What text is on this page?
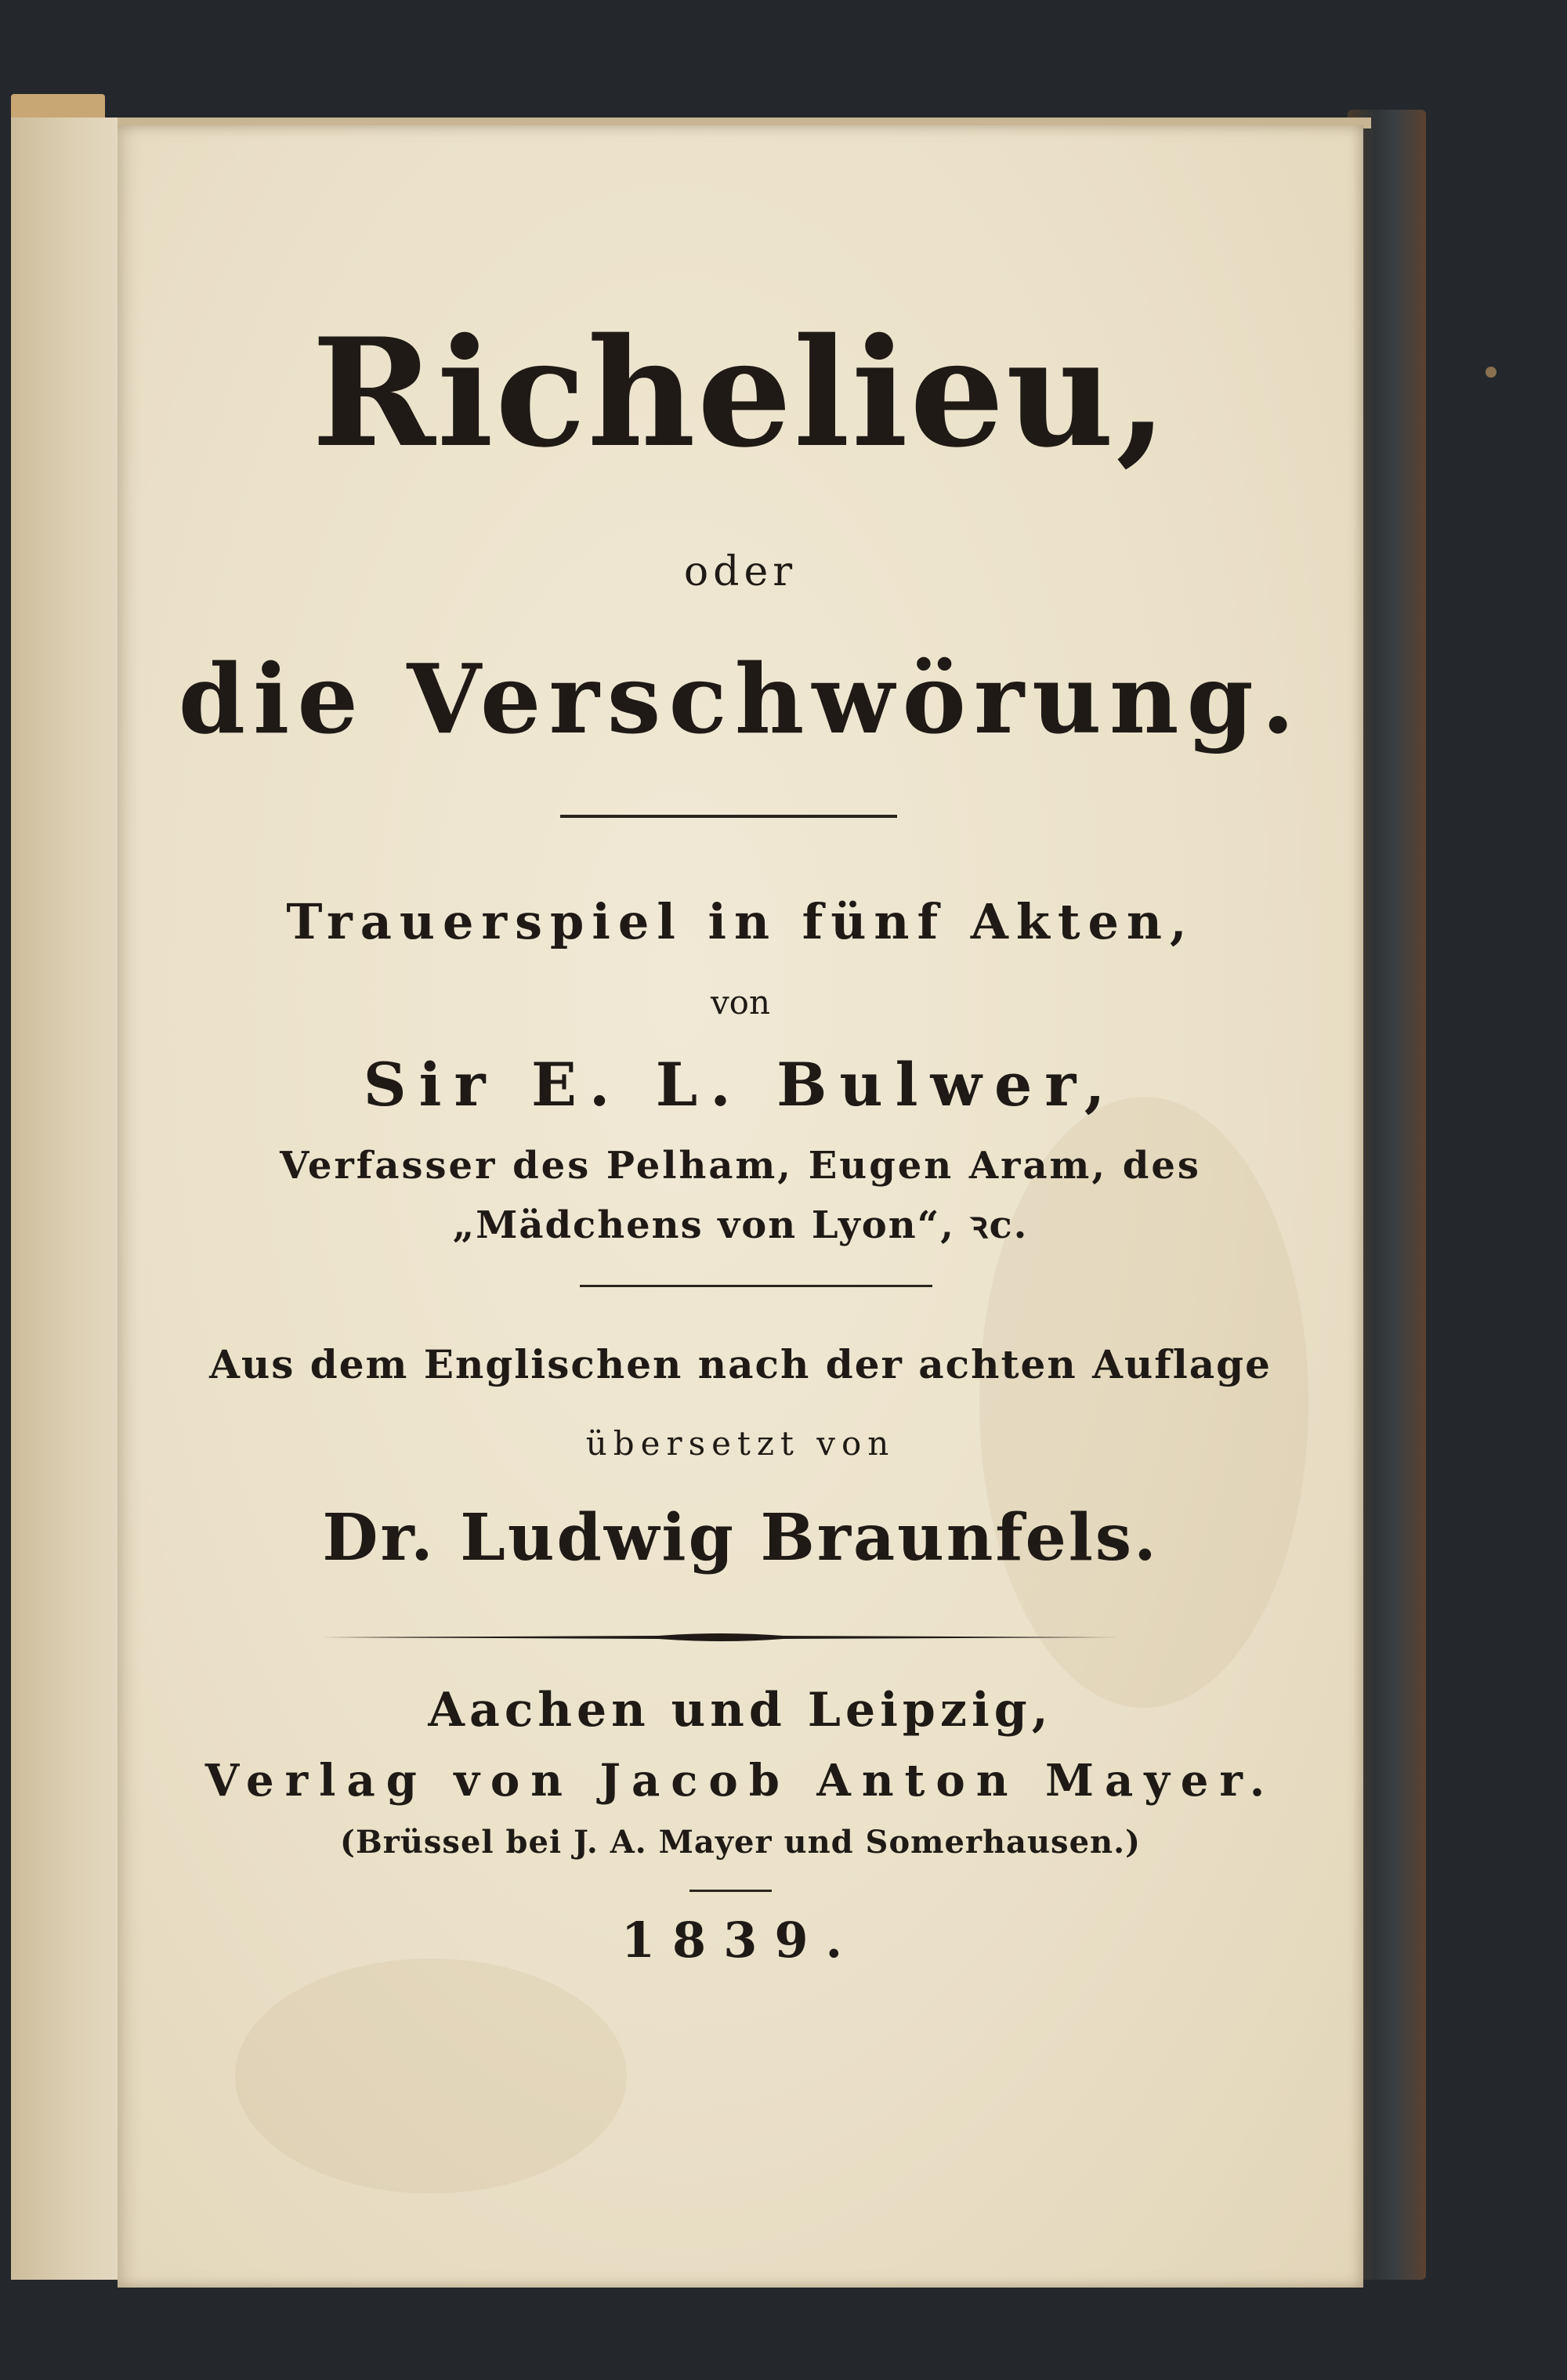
Richelieu,
oder
die Verschwörung.
Trauerspiel in fünf Akten,
von
Sir E. L. Bulwer,
Verfasser des Pelham, Eugen Aram, des
„Mädchens von Lyon“, ꝛc.
Aus dem Englischen nach der achten Auflage
übersetzt von
Dr. Ludwig Braunfels.
Aachen und Leipzig,
Verlag von Jacob Anton Mayer.
(Brüssel bei J. A. Mayer und Somerhausen.)
1839.
